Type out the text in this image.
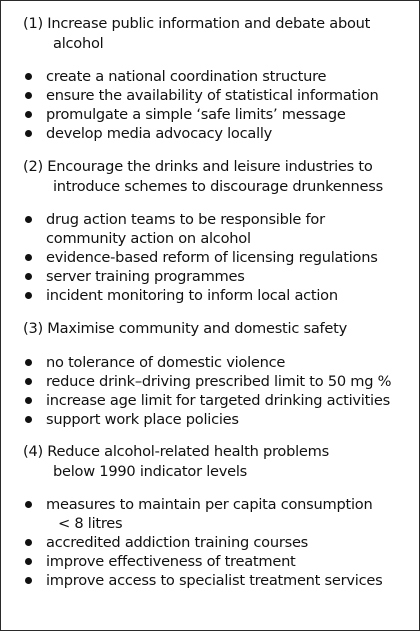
(1) Increase public information and debate about
alcohol
create a national coordination structure
ensure the availability of statistical information
promulgate a simple ‘safe limits’ message
develop media advocacy locally
(2) Encourage the drinks and leisure industries to
introduce schemes to discourage drunkenness
drug action teams to be responsible for
community action on alcohol
evidence-based reform of licensing regulations
server training programmes
incident monitoring to inform local action
(3) Maximise community and domestic safety
no tolerance of domestic violence
reduce drink–driving prescribed limit to 50 mg %
increase age limit for targeted drinking activities
support work place policies
(4) Reduce alcohol-related health problems
below 1990 indicator levels
measures to maintain per capita consumption
< 8 litres
accredited addiction training courses
improve effectiveness of treatment
improve access to specialist treatment services
